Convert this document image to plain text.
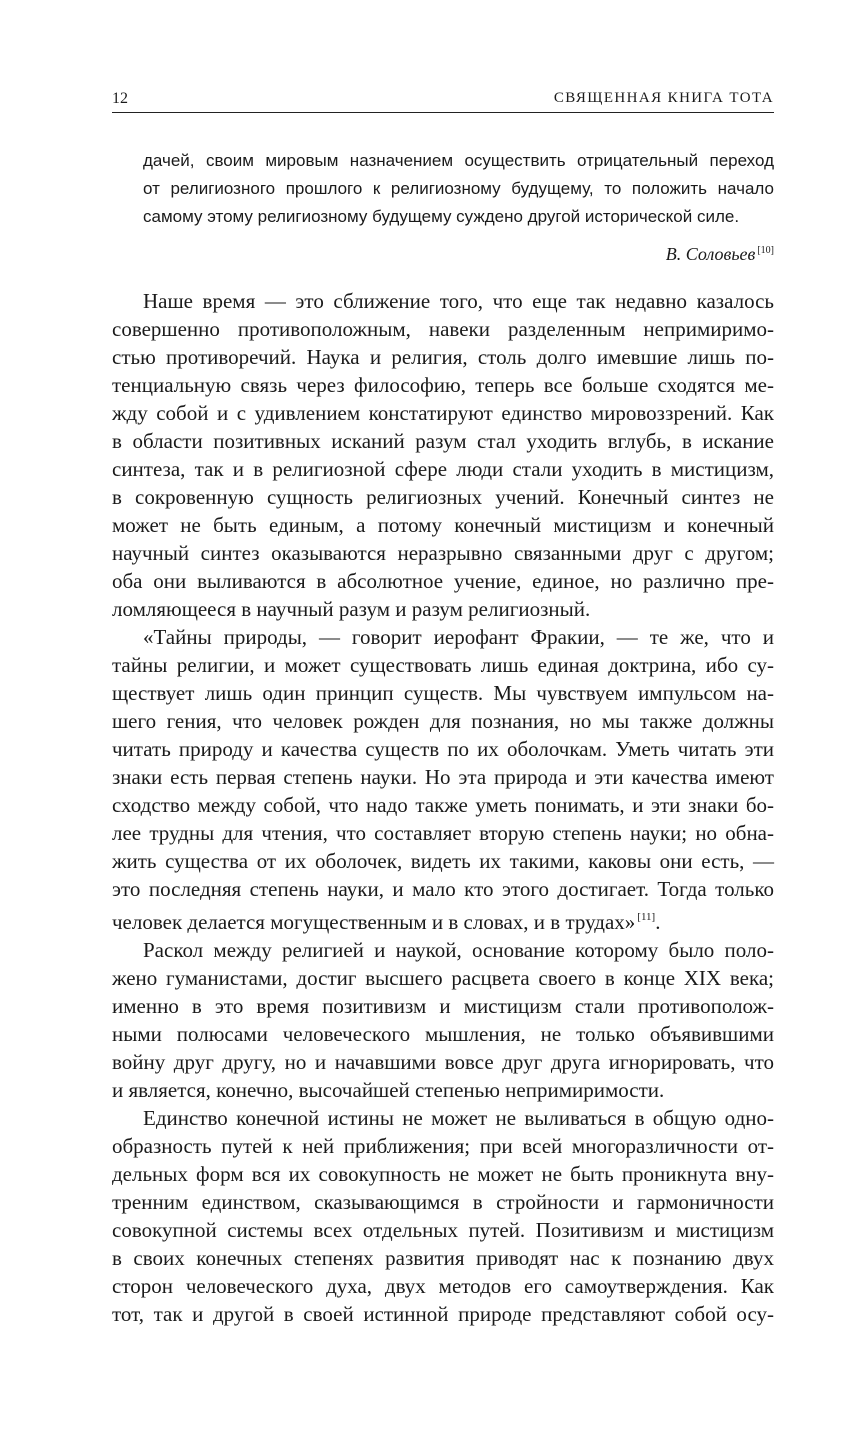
12	СВЯЩЕННАЯ КНИГА ТОТА
дачей, своим мировым назначением осуществить отрицательный переход
от религиозного прошлого к религиозному будущему, то положить начало
самому этому религиозному будущему суждено другой исторической силе.
В. Соловьев [10]
Наше время — это сближение того, что еще так недавно казалось
совершенно противоположным, навеки разделенным непримиримо-
стью противоречий. Наука и религия, столь долго имевшие лишь по-
тенциальную связь через философию, теперь все больше сходятся ме-
жду собой и с удивлением констатируют единство мировоззрений. Как
в области позитивных исканий разум стал уходить вглубь, в искание
синтеза, так и в религиозной сфере люди стали уходить в мистицизм,
в сокровенную сущность религиозных учений. Конечный синтез не
может не быть единым, а потому конечный мистицизм и конечный
научный синтез оказываются неразрывно связанными друг с другом;
оба они выливаются в абсолютное учение, единое, но различно пре-
ломляющееся в научный разум и разум религиозный.
«Тайны природы, — говорит иерофант Фракии, — те же, что и
тайны религии, и может существовать лишь единая доктрина, ибо су-
ществует лишь один принцип существ. Мы чувствуем импульсом на-
шего гения, что человек рожден для познания, но мы также должны
читать природу и качества существ по их оболочкам. Уметь читать эти
знаки есть первая степень науки. Но эта природа и эти качества имеют
сходство между собой, что надо также уметь понимать, и эти знаки бо-
лее трудны для чтения, что составляет вторую степень науки; но обна-
жить существа от их оболочек, видеть их такими, каковы они есть, —
это последняя степень науки, и мало кто этого достигает. Тогда только
человек делается могущественным и в словах, и в трудах» [11].
Раскол между религией и наукой, основание которому было поло-
жено гуманистами, достиг высшего расцвета своего в конце XIX века;
именно в это время позитивизм и мистицизм стали противополож-
ными полюсами человеческого мышления, не только объявившими
войну друг другу, но и начавшими вовсе друг друга игнорировать, что
и является, конечно, высочайшей степенью непримиримости.
Единство конечной истины не может не выливаться в общую одно-
образность путей к ней приближения; при всей многоразличности от-
дельных форм вся их совокупность не может не быть проникнута вну-
тренним единством, сказывающимся в стройности и гармоничности
совокупной системы всех отдельных путей. Позитивизм и мистицизм
в своих конечных степенях развития приводят нас к познанию двух
сторон человеческого духа, двух методов его самоутверждения. Как
тот, так и другой в своей истинной природе представляют собой осу-
